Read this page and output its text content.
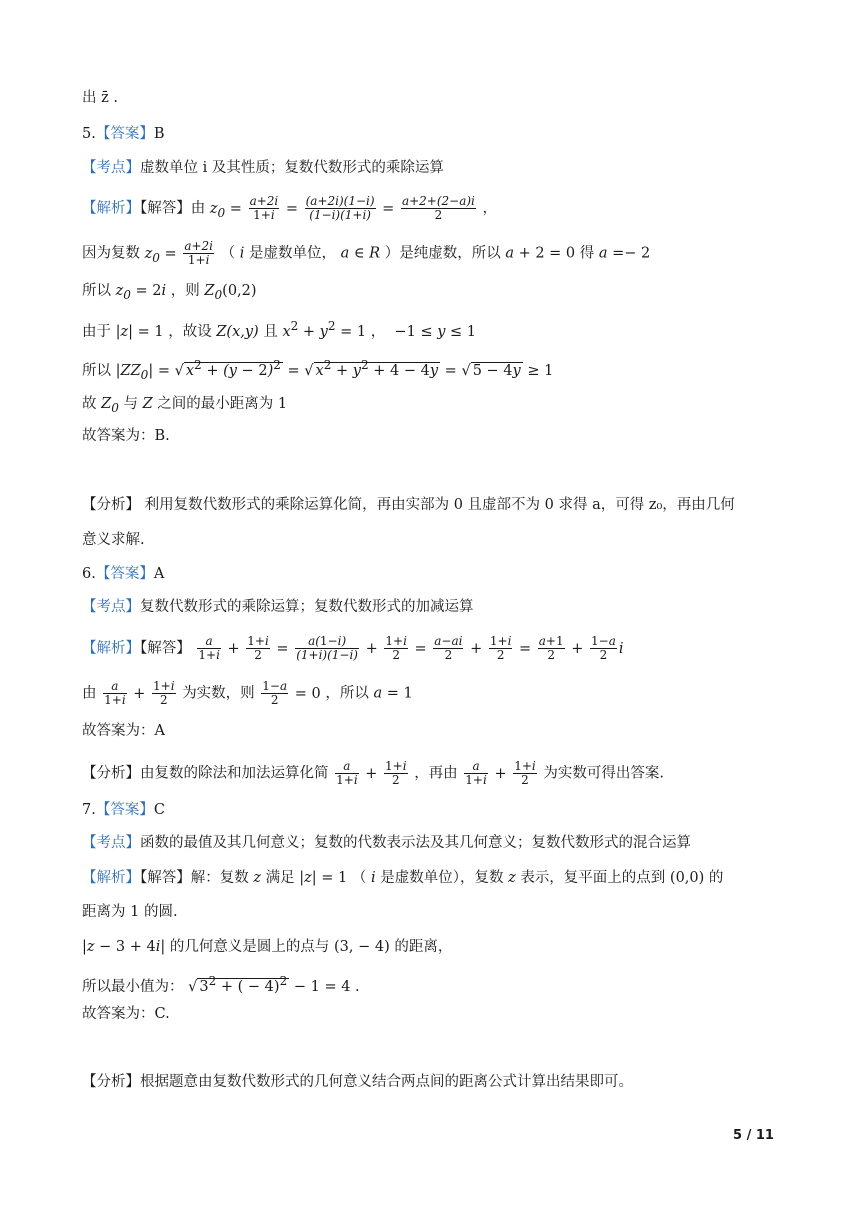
出 z̄ .
5.【答案】B
【考点】虚数单位 i 及其性质；复数代数形式的乘除运算
【解析】【解答】由 $z_0 = \frac{a+2i}{1+i} = \frac{(a+2i)(1-i)}{(1-i)(1+i)} = \frac{a+2+(2-a)i}{2}$ ，
因为复数 $z_0 = \frac{a+2i}{1+i}$ （ i 是虚数单位， a ∈ R ）是纯虚数，所以 a + 2 = 0 得 a =− 2
所以 $z_0 = 2i$ ，则 $Z_0(0,2)$
由于 |z| = 1 ，故设 Z(x,y) 且 $x^2 + y^2 = 1$ ， −1 ≤ y ≤ 1
所以 $|ZZ_0|$ = √ $x^2 + (y - 2)^2$ = √ $x^2 + y^2 + 4 - 4y$ = √ 5 − 4y ≥ 1
故 $Z_0$ 与 Z 之间的最小距离为 1
故答案为：B.
【分析】 利用复数代数形式的乘除运算化简，再由实部为 0 且虚部不为 0 求得 a，可得 z₀，再由几何
意义求解.
6.【答案】A
【考点】复数代数形式的乘除运算；复数代数形式的加减运算
【解析】【解答】 $\frac{a}{1+i} + \frac{1+i}{2} = \frac{a(1-i)}{(1+i)(1-i)} + \frac{1+i}{2} = \frac{a-ai}{2} + \frac{1+i}{2} = \frac{a+1}{2} + \frac{1-a}{2}$ i
由 $\frac{a}{1+i} + \frac{1+i}{2}$ 为实数，则 $\frac{1-a}{2} = 0$ ，所以 a = 1
故答案为：A
【分析】由复数的除法和加法运算化简 $\frac{a}{1+i} + \frac{1+i}{2}$ ，再由 $\frac{a}{1+i} + \frac{1+i}{2}$ 为实数可得出答案.
7.【答案】C
【考点】函数的最值及其几何意义；复数的代数表示法及其几何意义；复数代数形式的混合运算
【解析】【解答】解：复数 z 满足 |z| = 1 （ i 是虚数单位），复数 z 表示，复平面上的点到 (0,0) 的
距离为 1 的圆.
|z − 3 + 4i| 的几何意义是圆上的点与 (3, − 4) 的距离，
所以最小值为： √ $3^2$ + ( − 4)$^2$ − 1 = 4 .
故答案为：C.
【分析】根据题意由复数代数形式的几何意义结合两点间的距离公式计算出结果即可。
5 / 11
